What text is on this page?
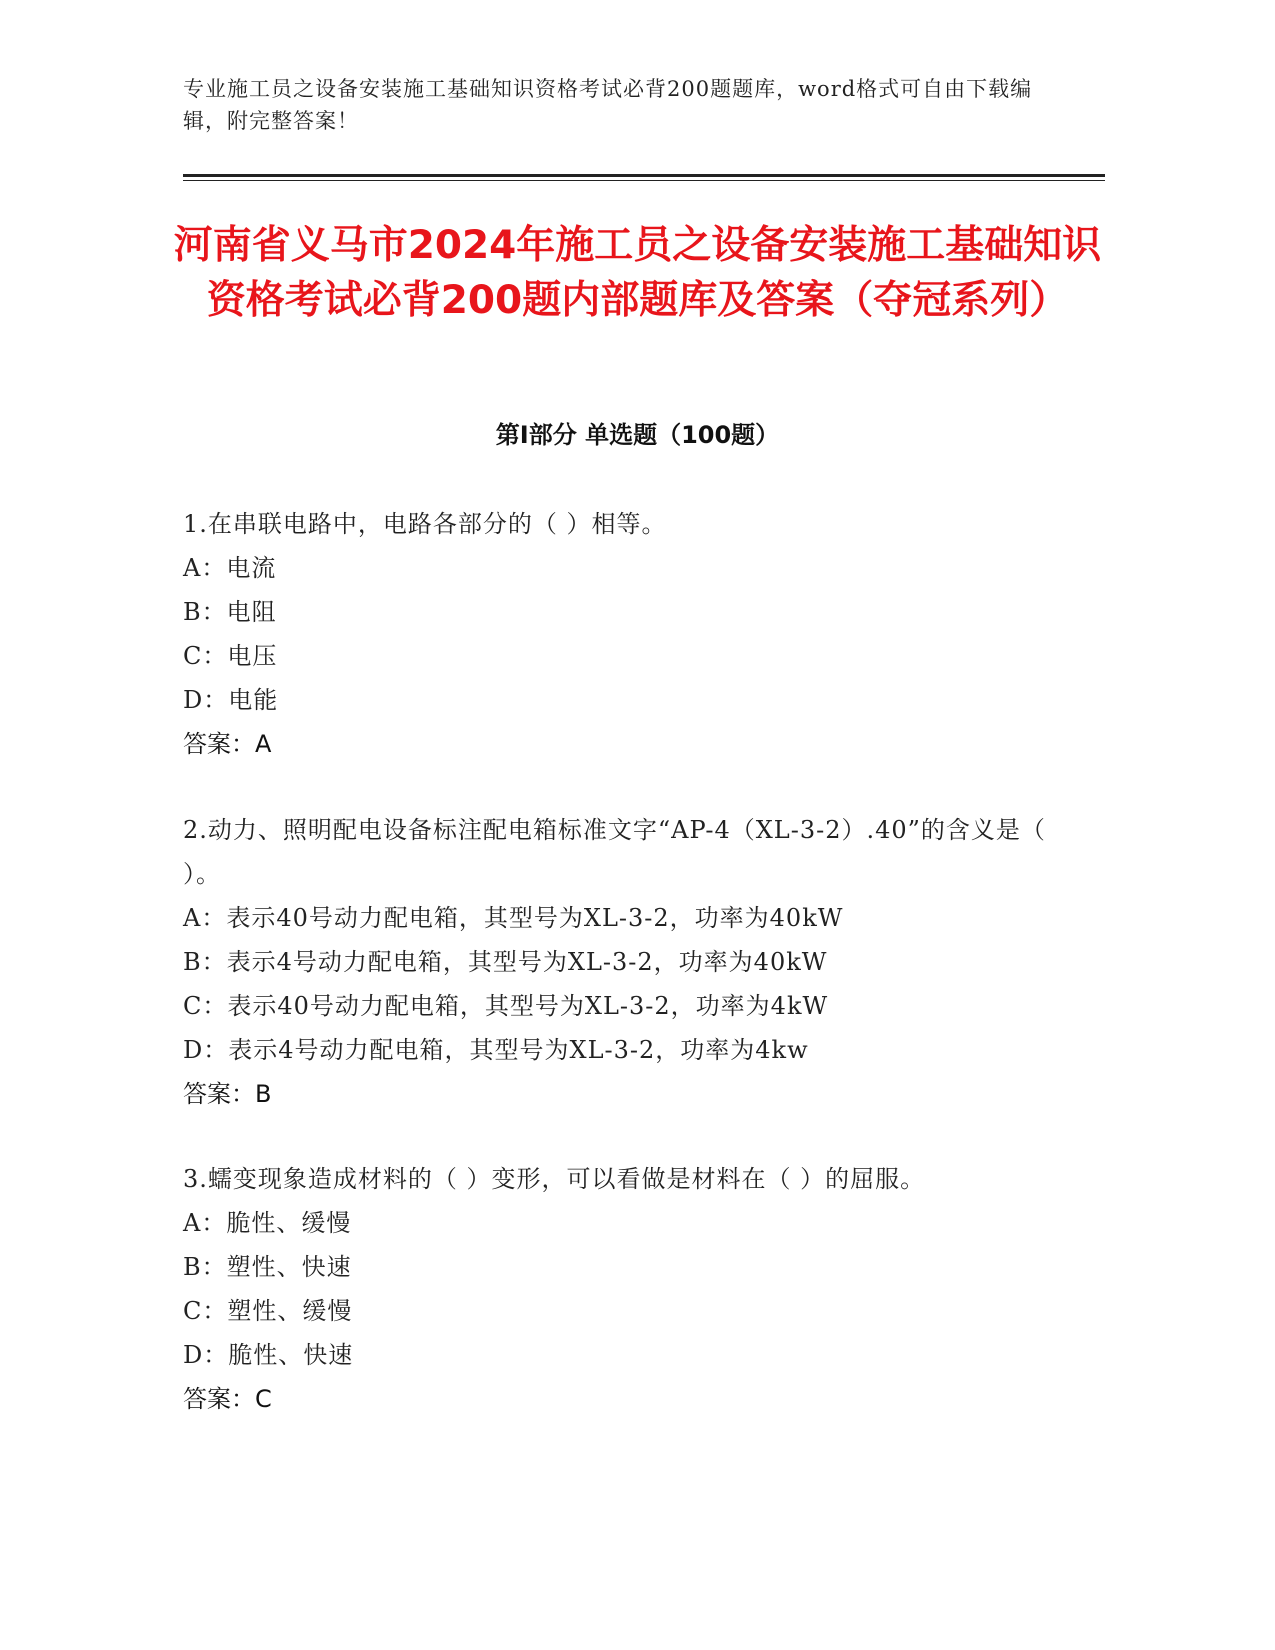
专业施工员之设备安装施工基础知识资格考试必背200题题库，word格式可自由下载编辑，附完整答案！
河南省义马市2024年施工员之设备安装施工基础知识资格考试必背200题内部题库及答案（夺冠系列）
第I部分 单选题（100题）
1.在串联电路中，电路各部分的（ ）相等。
A：电流
B：电阻
C：电压
D：电能
答案：A
2.动力、照明配电设备标注配电箱标准文字“AP-4（XL-3-2）.40”的含义是（ ）。
A：表示40号动力配电箱，其型号为XL-3-2，功率为40kW
B：表示4号动力配电箱，其型号为XL-3-2，功率为40kW
C：表示40号动力配电箱，其型号为XL-3-2，功率为4kW
D：表示4号动力配电箱，其型号为XL-3-2，功率为4kw
答案：B
3.蠕变现象造成材料的（ ）变形，可以看做是材料在（ ）的屈服。
A：脆性、缓慢
B：塑性、快速
C：塑性、缓慢
D：脆性、快速
答案：C
